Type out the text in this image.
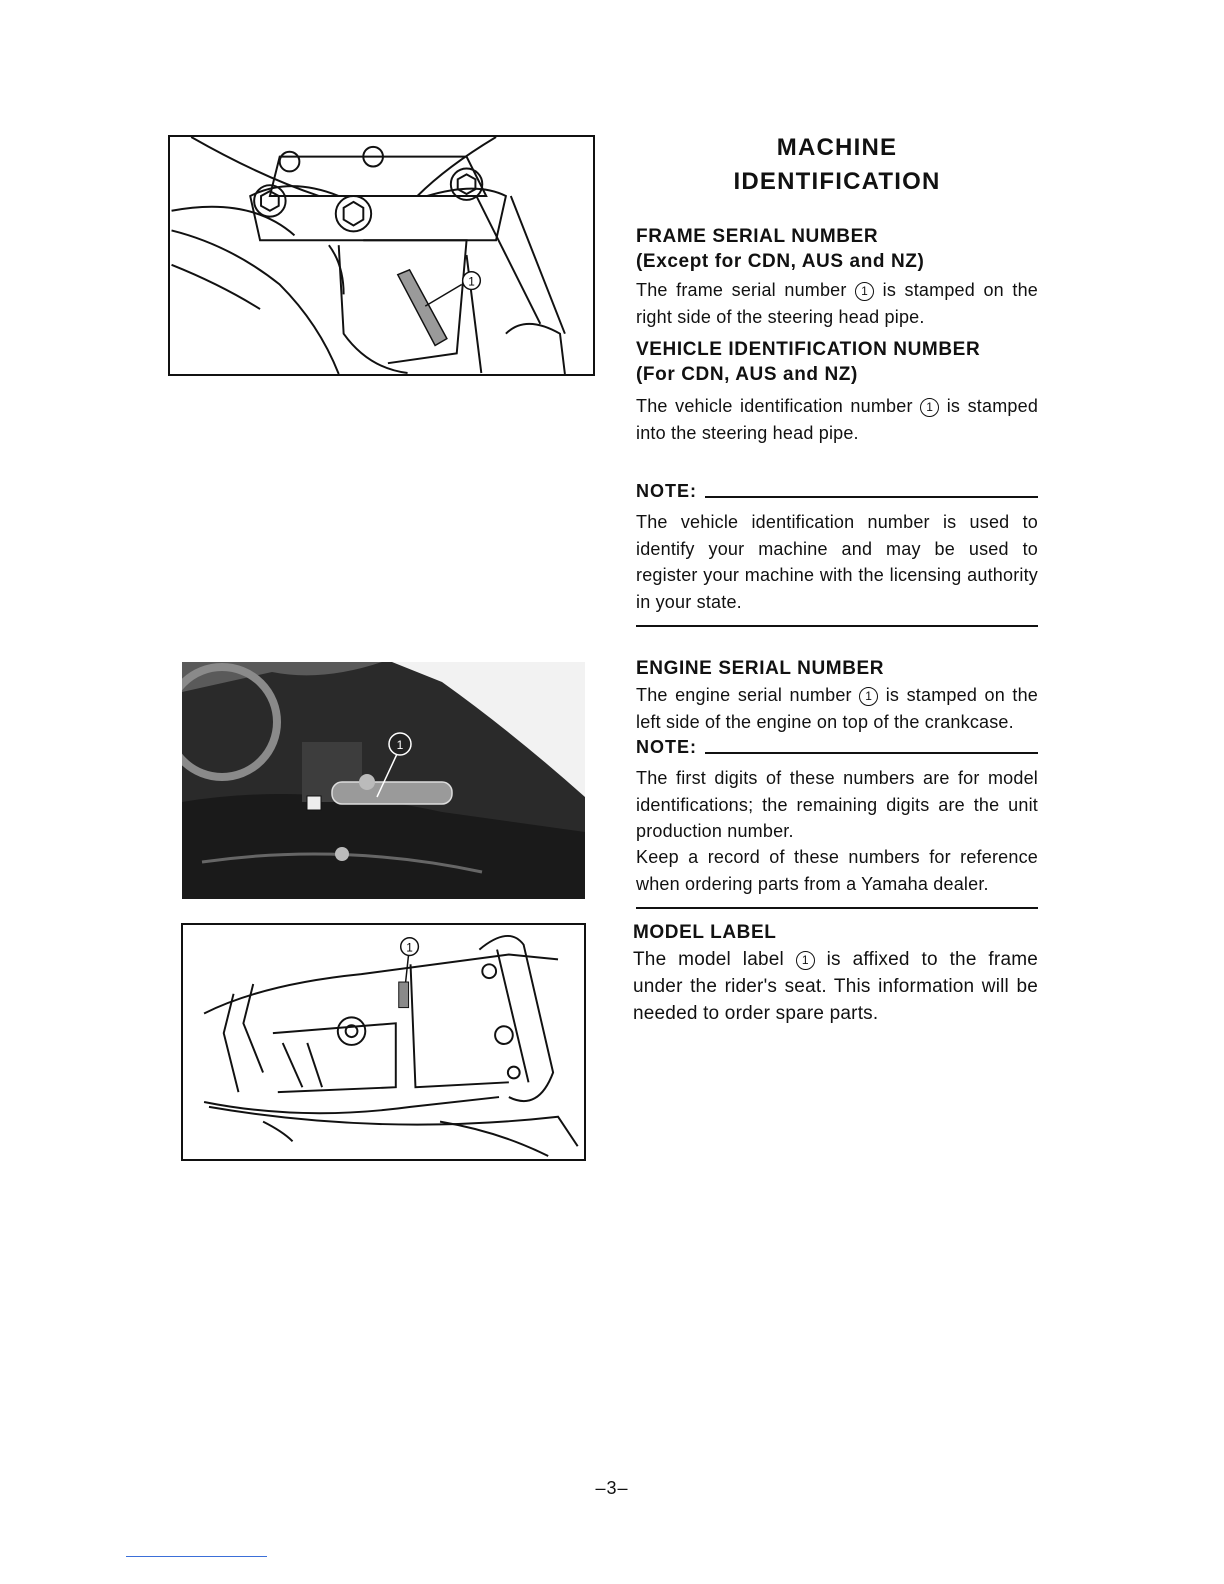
1
1
1
MACHINE
IDENTIFICATION
FRAME SERIAL NUMBER
(Except for CDN, AUS and NZ)
The frame serial number 1 is stamped on the right side of the steering head pipe.
VEHICLE IDENTIFICATION NUMBER
(For CDN, AUS and NZ)
The vehicle identification number 1 is stamped into the steering head pipe.
NOTE:
The vehicle identification number is used to identify your machine and may be used to register your machine with the licensing authority in your state.
ENGINE SERIAL NUMBER
The engine serial number 1 is stamped on the left side of the engine on top of the crankcase.
NOTE:
The first digits of these numbers are for model identifications; the remaining digits are the unit production number.
Keep a record of these numbers for reference when ordering parts from a Yamaha dealer.
MODEL LABEL
The model label 1 is affixed to the frame under the rider's seat. This information will be needed to order spare parts.
–3–
